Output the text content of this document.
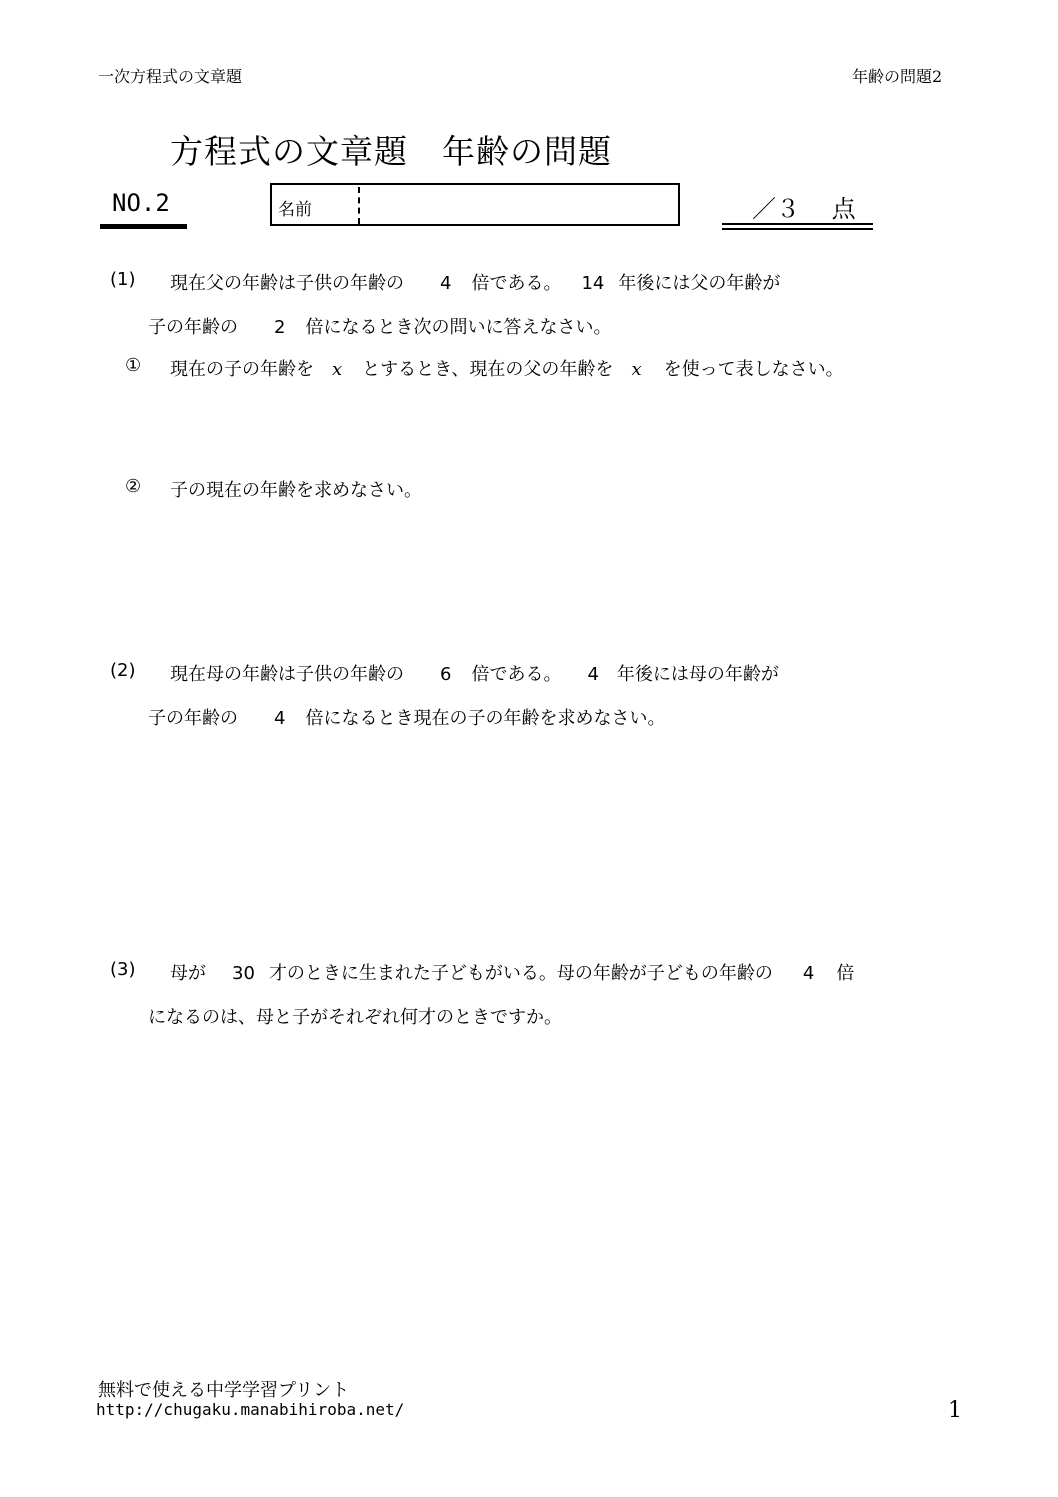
一次方程式の文章題	年齢の問題2
方程式の文章題　年齢の問題
NO.2	名前	／３　 点
(1) 現在父の年齢は子供の年齢の 4 倍である。 14 年後には父の年齢が
子の年齢の 2 倍になるとき次の問いに答えなさい。
① 現在の子の年齢を x とするとき、現在の父の年齢を x を使って表しなさい。
② 子の現在の年齢を求めなさい。
(2) 現在母の年齢は子供の年齢の 6 倍である。 4 年後には母の年齢が
子の年齢の 4 倍になるとき現在の子の年齢を求めなさい。
(3) 母が 30 才のときに生まれた子どもがいる。母の年齢が子どもの年齢の 4 倍
になるのは、母と子がそれぞれ何才のときですか。
無料で使える中学学習プリント
http://chugaku.manabihiroba.net/	1
